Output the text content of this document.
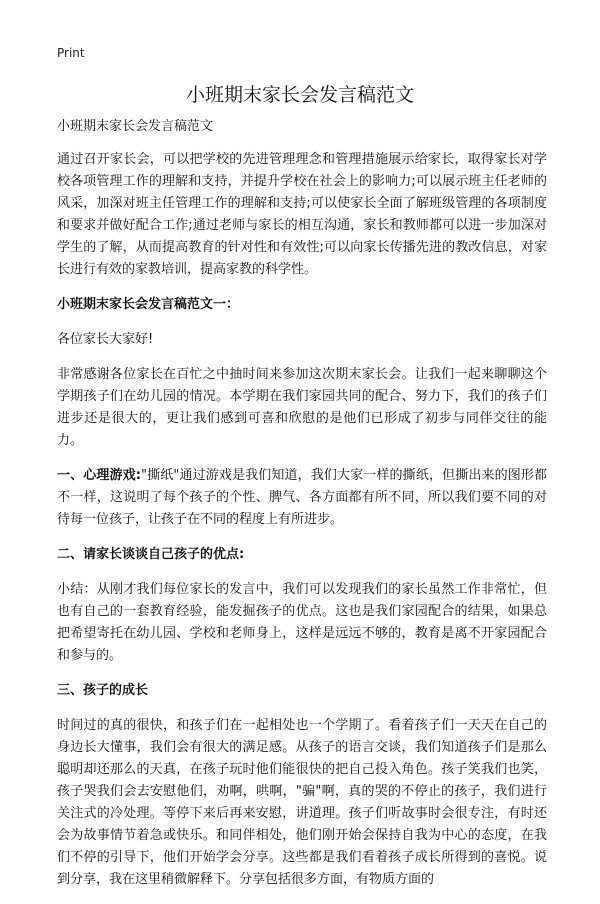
Print
小班期末家长会发言稿范文

小班期末家长会发言稿范文

通过召开家长会，可以把学校的先进管理理念和管理措施展示给家长，取得家长对学校各项管理工作的理解和支持，并提升学校在社会上的影响力;可以展示班主任老师的风采，加深对班主任管理工作的理解和支持;可以使家长全面了解班级管理的各项制度和要求并做好配合工作;通过老师与家长的相互沟通，家长和教师都可以进一步加深对学生的了解，从而提高教育的针对性和有效性;可以向家长传播先进的教改信息，对家长进行有效的家教培训，提高家教的科学性。

小班期末家长会发言稿范文一：

各位家长大家好!

非常感谢各位家长在百忙之中抽时间来参加这次期末家长会。让我们一起来聊聊这个学期孩子们在幼儿园的情况。本学期在我们家园共同的配合、努力下，我们的孩子们进步还是很大的，更让我们感到可喜和欣慰的是他们已形成了初步与同伴交往的能力。

一、心理游戏:"撕纸"通过游戏是我们知道，我们大家一样的撕纸，但撕出来的图形都不一样，这说明了每个孩子的个性、脾气、各方面都有所不同，所以我们要不同的对待每一位孩子，让孩子在不同的程度上有所进步。

二、请家长谈谈自己孩子的优点:

小结：从刚才我们每位家长的发言中，我们可以发现我们的家长虽然工作非常忙，但也有自己的一套教育经验，能发掘孩子的优点。这也是我们家园配合的结果，如果总把希望寄托在幼儿园、学校和老师身上，这样是远远不够的，教育是离不开家园配合和参与的。

三、孩子的成长

时间过的真的很快，和孩子们在一起相处也一个学期了。看着孩子们一天天在自己的身边长大懂事，我们会有很大的满足感。从孩子的语言交谈，我们知道孩子们是那么聪明却还那么的天真，在孩子玩时他们能很快的把自己投入角色。孩子笑我们也笑，孩子哭我们会去安慰他们，劝啊，哄啊，"骗"啊，真的哭的不停止的孩子，我们进行关注式的冷处理。等停下来后再来安慰，讲道理。孩子们听故事时会很专注，有时还会为故事情节着急或快乐。和同伴相处，他们刚开始会保持自我为中心的态度，在我们不停的引导下，他们开始学会分享。这些都是我们看着孩子成长所得到的喜悦。说到分享，我在这里稍微解释下。分享包括很多方面，有物质方面的
